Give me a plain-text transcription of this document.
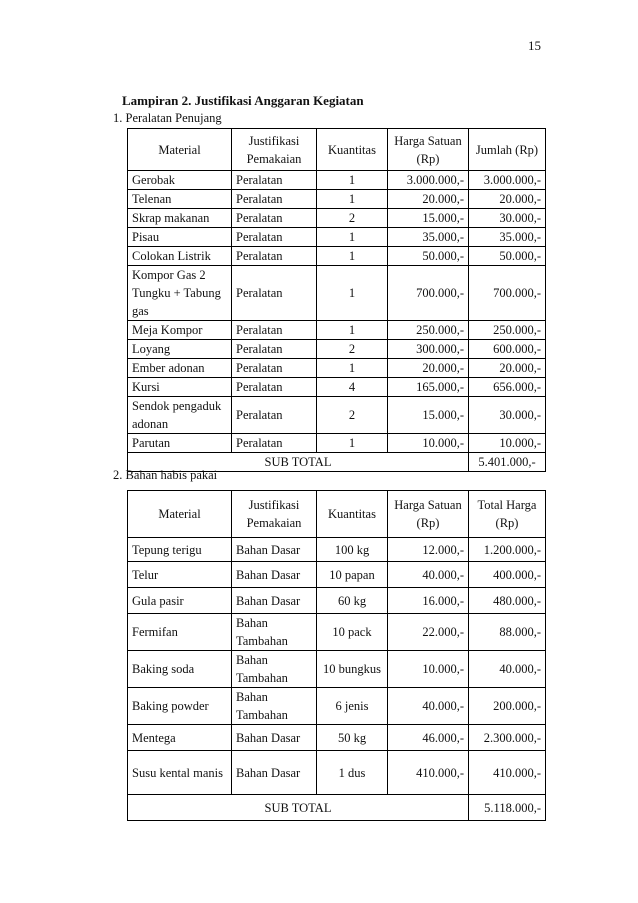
15
Lampiran 2. Justifikasi Anggaran Kegiatan
1. Peralatan Penujang
Material	Justifikasi Pemakaian	Kuantitas	Harga Satuan (Rp)	Jumlah (Rp)
Gerobak	Peralatan	1	3.000.000,-	3.000.000,-
Telenan	Peralatan	1	20.000,-	20.000,-
Skrap makanan	Peralatan	2	15.000,-	30.000,-
Pisau	Peralatan	1	35.000,-	35.000,-
Colokan Listrik	Peralatan	1	50.000,-	50.000,-
Kompor Gas 2 Tungku + Tabung gas	Peralatan	1	700.000,-	700.000,-
Meja Kompor	Peralatan	1	250.000,-	250.000,-
Loyang	Peralatan	2	300.000,-	600.000,-
Ember adonan	Peralatan	1	20.000,-	20.000,-
Kursi	Peralatan	4	165.000,-	656.000,-
Sendok pengaduk adonan	Peralatan	2	15.000,-	30.000,-
Parutan	Peralatan	1	10.000,-	10.000,-
SUB TOTAL				5.401.000,-
2. Bahan habis pakai
Material	Justifikasi Pemakaian	Kuantitas	Harga Satuan (Rp)	Total Harga (Rp)
Tepung terigu	Bahan Dasar	100 kg	12.000,-	1.200.000,-
Telur	Bahan Dasar	10 papan	40.000,-	400.000,-
Gula pasir	Bahan Dasar	60 kg	16.000,-	480.000,-
Fermifan	Bahan Tambahan	10 pack	22.000,-	88.000,-
Baking soda	Bahan Tambahan	10 bungkus	10.000,-	40.000,-
Baking powder	Bahan Tambahan	6 jenis	40.000,-	200.000,-
Mentega	Bahan Dasar	50 kg	46.000,-	2.300.000,-
Susu kental manis	Bahan Dasar	1 dus	410.000,-	410.000,-
SUB TOTAL				5.118.000,-
